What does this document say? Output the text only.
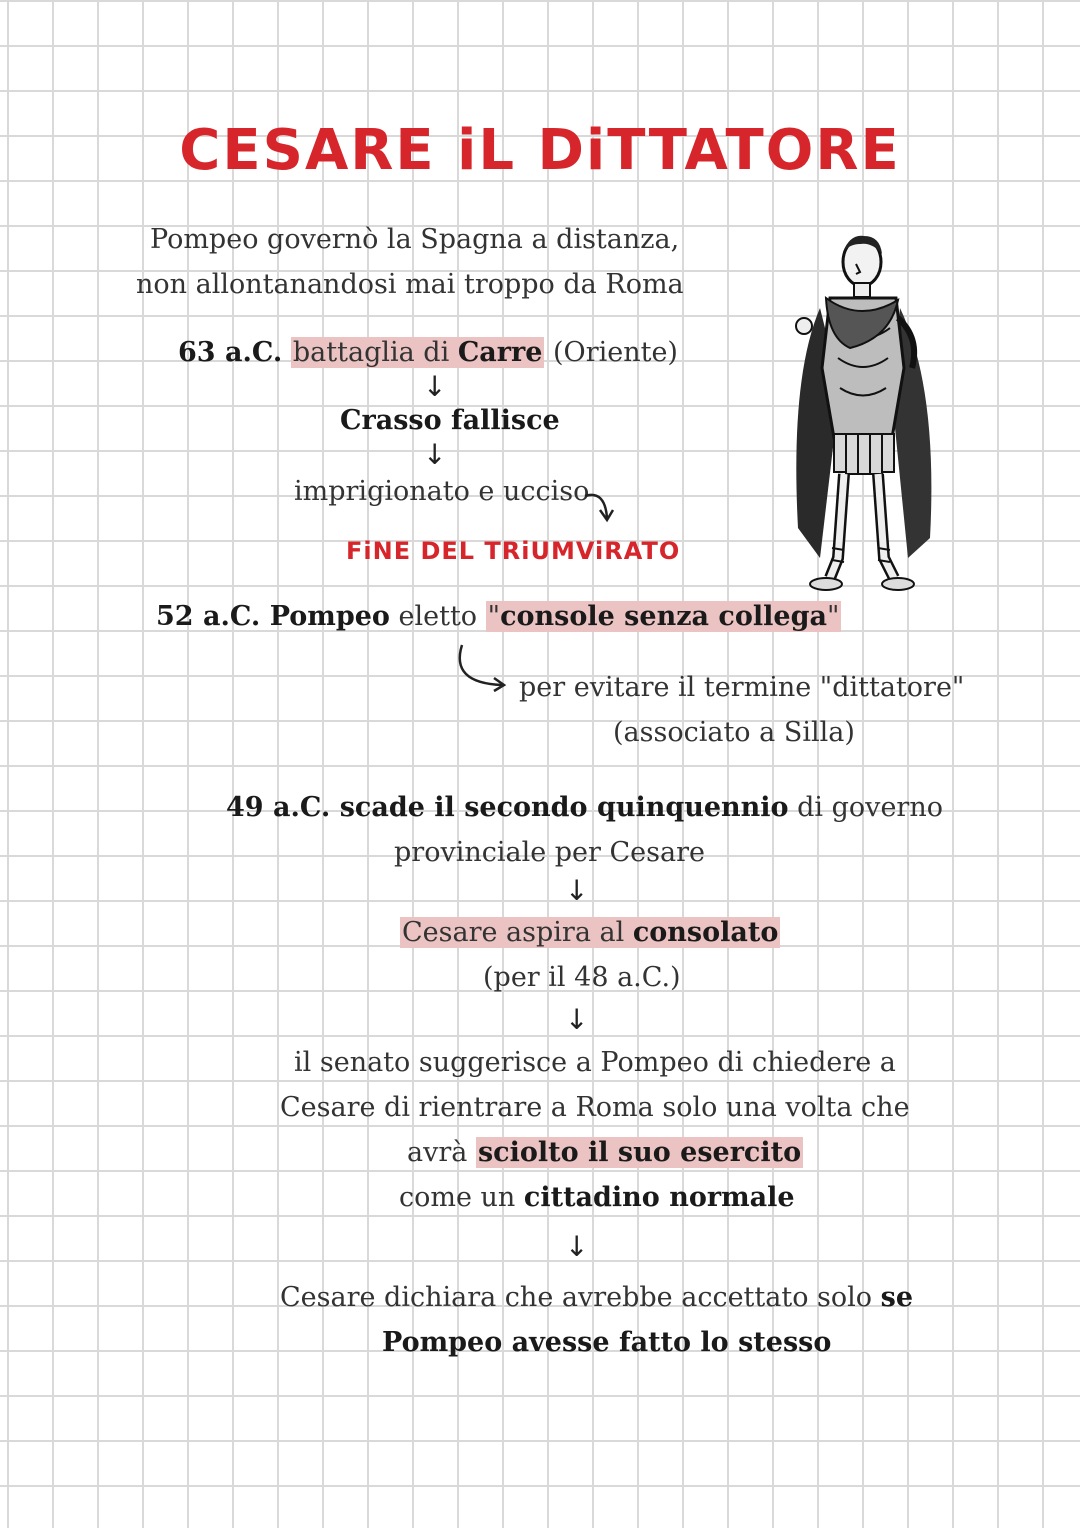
CESARE iL DiTTATORE
Pompeo governò la Spagna a distanza,
non allontanandosi mai troppo da Roma
63 a.C. battaglia di Carre (Oriente)
↓
Crasso fallisce
↓
imprigionato e ucciso
FiNE DEL TRiUMViRATO
52 a.C. Pompeo eletto "console senza collega"
per evitare il termine "dittatore"
(associato a Silla)
49 a.C. scade il secondo quinquennio di governo
provinciale per Cesare
↓
Cesare aspira al consolato
(per il 48 a.C.)
↓
il senato suggerisce a Pompeo di chiedere a
Cesare di rientrare a Roma solo una volta che
avrà sciolto il suo esercito
come un cittadino normale
↓
Cesare dichiara che avrebbe accettato solo se
Pompeo avesse fatto lo stesso
